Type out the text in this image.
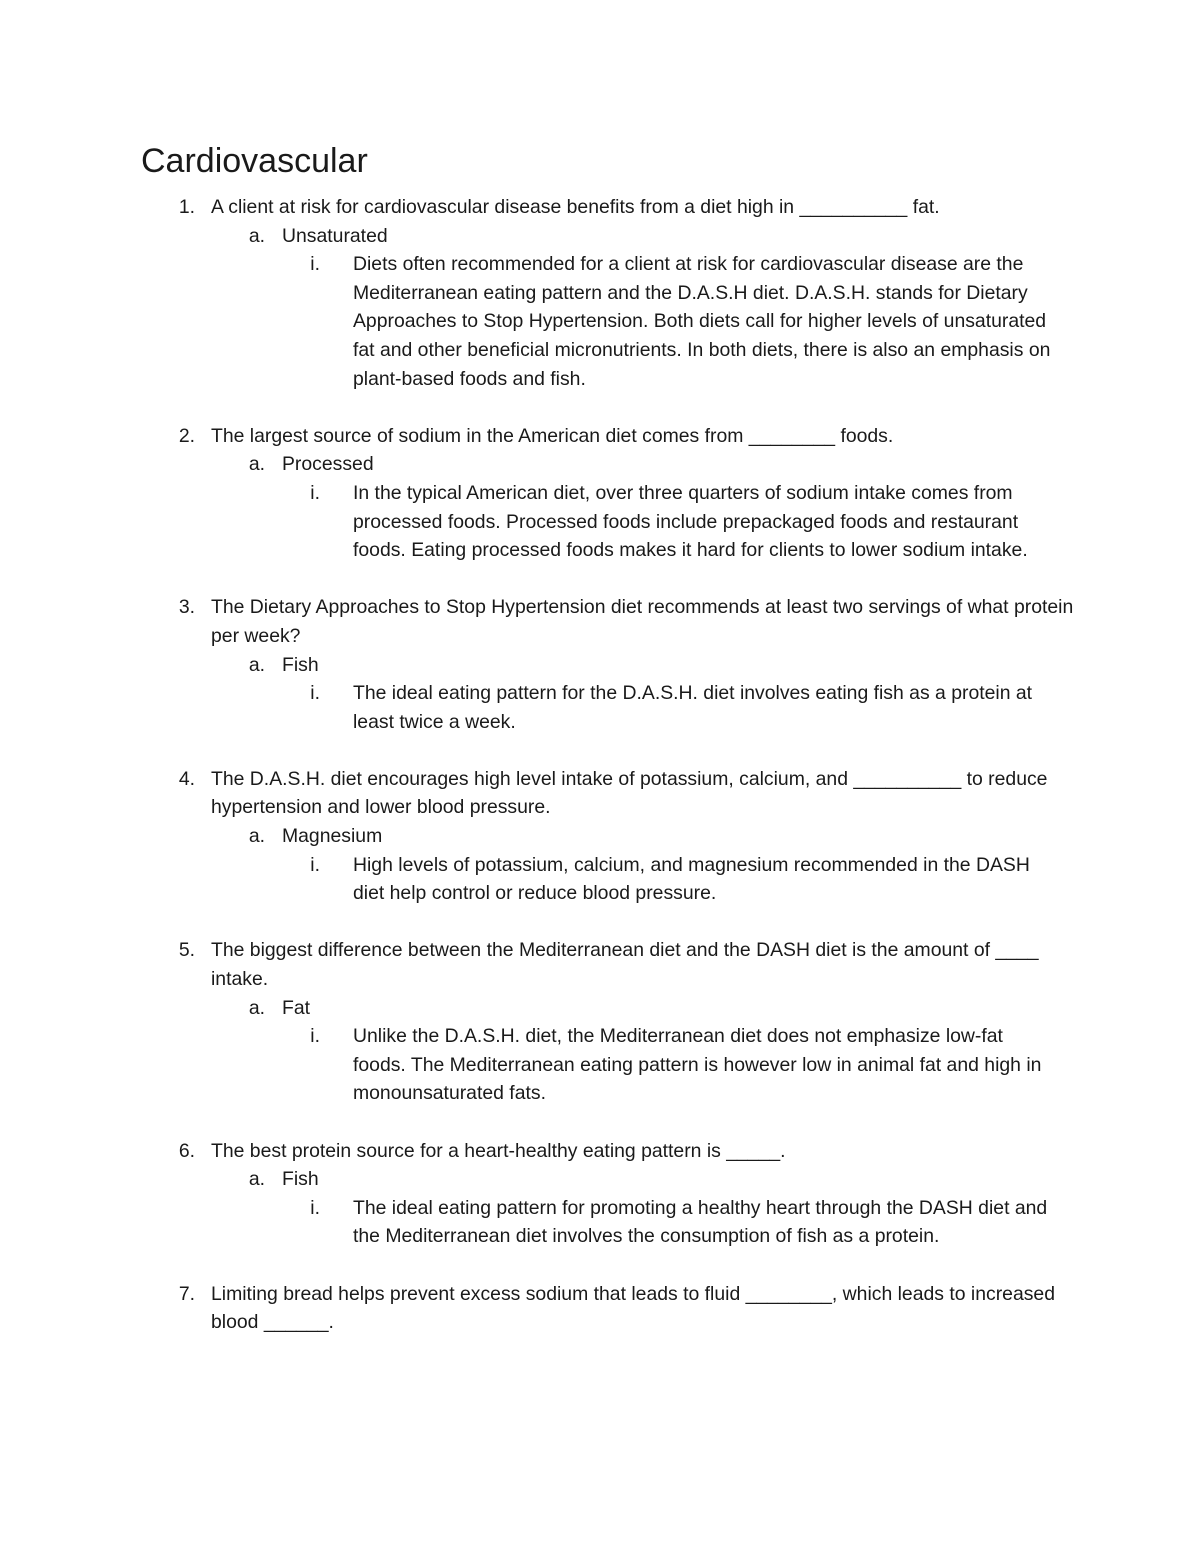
Cardiovascular
1. A client at risk for cardiovascular disease benefits from a diet high in __________ fat.
a. Unsaturated
i. Diets often recommended for a client at risk for cardiovascular disease are the Mediterranean eating pattern and the D.A.S.H diet. D.A.S.H. stands for Dietary Approaches to Stop Hypertension. Both diets call for higher levels of unsaturated fat and other beneficial micronutrients. In both diets, there is also an emphasis on plant-based foods and fish.
2. The largest source of sodium in the American diet comes from ________ foods.
a. Processed
i. In the typical American diet, over three quarters of sodium intake comes from processed foods. Processed foods include prepackaged foods and restaurant foods. Eating processed foods makes it hard for clients to lower sodium intake.
3. The Dietary Approaches to Stop Hypertension diet recommends at least two servings of what protein per week?
a. Fish
i. The ideal eating pattern for the D.A.S.H. diet involves eating fish as a protein at least twice a week.
4. The D.A.S.H. diet encourages high level intake of potassium, calcium, and __________ to reduce hypertension and lower blood pressure.
a. Magnesium
i. High levels of potassium, calcium, and magnesium recommended in the DASH diet help control or reduce blood pressure.
5. The biggest difference between the Mediterranean diet and the DASH diet is the amount of ____ intake.
a. Fat
i. Unlike the D.A.S.H. diet, the Mediterranean diet does not emphasize low-fat foods. The Mediterranean eating pattern is however low in animal fat and high in monounsaturated fats.
6. The best protein source for a heart-healthy eating pattern is _____.
a. Fish
i. The ideal eating pattern for promoting a healthy heart through the DASH diet and the Mediterranean diet involves the consumption of fish as a protein.
7. Limiting bread helps prevent excess sodium that leads to fluid ________, which leads to increased blood ______.
